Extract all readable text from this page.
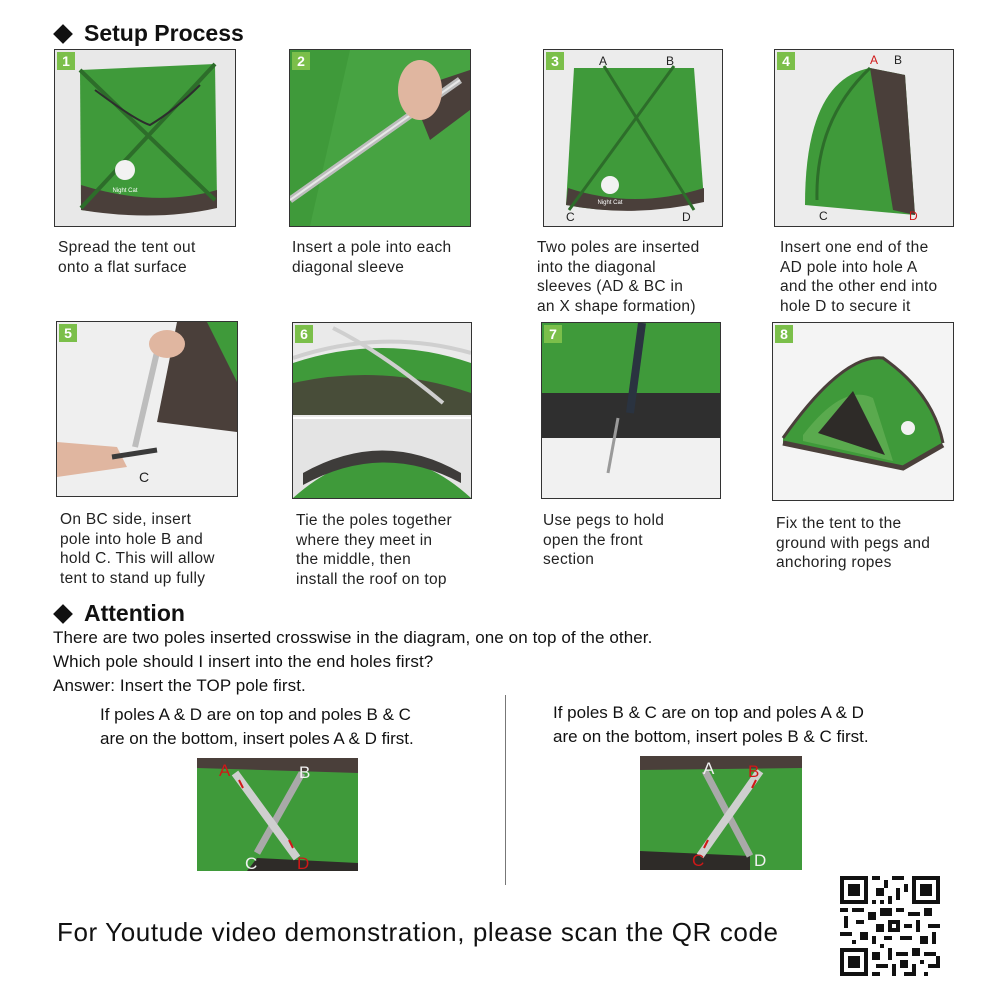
Setup Process
1
Night Cat
Spread the tent out
onto a flat surface
2
Insert a pole into each
diagonal sleeve
3
Night Cat
A	B
C	D
Two poles are inserted
into the diagonal
sleeves (AD & BC in
an X shape formation)
4	A B
C	D
Insert one end of the
AD pole into hole A
and the other end into
hole D to secure it
5
C
On BC side, insert
pole into hole B and
hold C. This will allow
tent to stand up fully
6
Tie the poles together
where they meet in
the middle, then
install the roof on top
7
Use pegs to hold
open the front
section
8
Fix the tent to the
ground with pegs and
anchoring ropes
Attention
There are two poles inserted crosswise in the diagram, one on top of the other.
Which pole should I insert into the end holes first?
Answer: Insert the TOP pole first.
If poles A & D are on top and poles B & C
are on the bottom, insert poles A & D first.
If poles B & C are on top and poles A & D
are on the bottom, insert poles B & C first.
A	B
C D
A B
C	D
For Youtude video demonstration, please scan the QR code
